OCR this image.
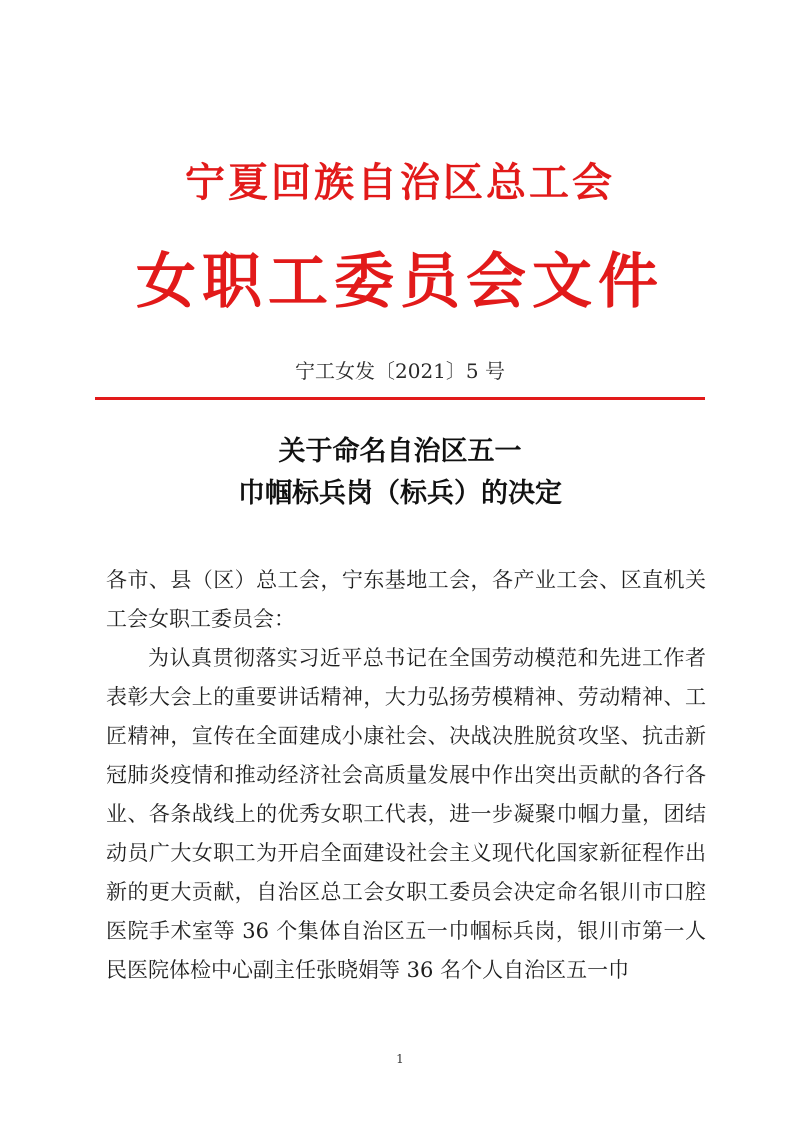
宁夏回族自治区总工会
女职工委员会文件
宁工女发〔2021〕5 号
关于命名自治区五一
巾帼标兵岗（标兵）的决定

各市、县（区）总工会，宁东基地工会，各产业工会、区直机关工会女职工委员会：

为认真贯彻落实习近平总书记在全国劳动模范和先进工作者表彰大会上的重要讲话精神，大力弘扬劳模精神、劳动精神、工匠精神，宣传在全面建成小康社会、决战决胜脱贫攻坚、抗击新冠肺炎疫情和推动经济社会高质量发展中作出突出贡献的各行各业、各条战线上的优秀女职工代表，进一步凝聚巾帼力量，团结动员广大女职工为开启全面建设社会主义现代化国家新征程作出新的更大贡献，自治区总工会女职工委员会决定命名银川市口腔医院手术室等 36 个集体自治区五一巾帼标兵岗，银川市第一人民医院体检中心副主任张晓娟等 36 名个人自治区五一巾

1
